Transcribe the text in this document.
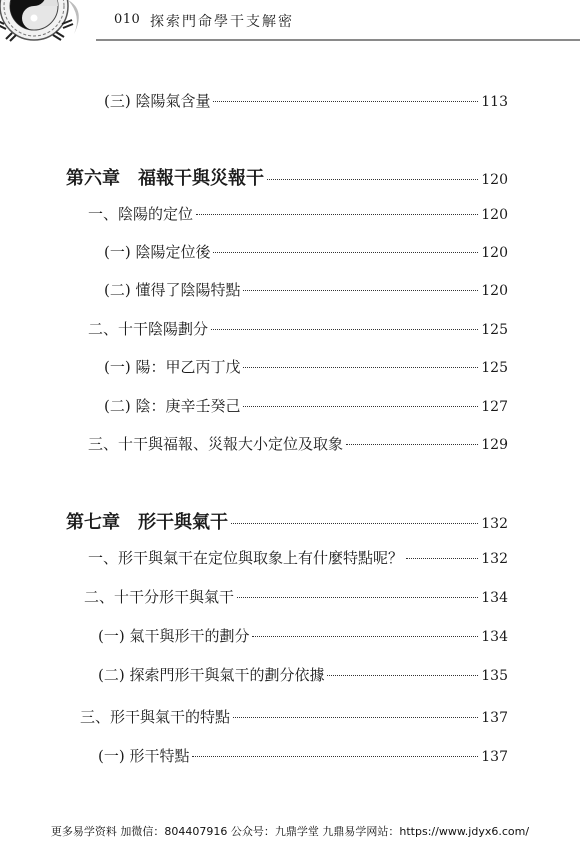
010 探索門命學干支解密
(三) 陰陽氣含量	113
第六章　福報干與災報干	120
一、陰陽的定位	120
(一) 陰陽定位後	120
(二) 懂得了陰陽特點	120
二、十干陰陽劃分	125
(一) 陽：甲乙丙丁戊	125
(二) 陰：庚辛壬癸己	127
三、十干與福報、災報大小定位及取象	129
第七章　形干與氣干	132
一、形干與氣干在定位與取象上有什麼特點呢？	132
二、十干分形干與氣干	134
(一) 氣干與形干的劃分	134
(二) 探索門形干與氣干的劃分依據	135
三、形干與氣干的特點	137
(一) 形干特點	137
更多易学资料 加微信：804407916 公众号：九鼎学堂 九鼎易学网站：https://www.jdyx6.com/
